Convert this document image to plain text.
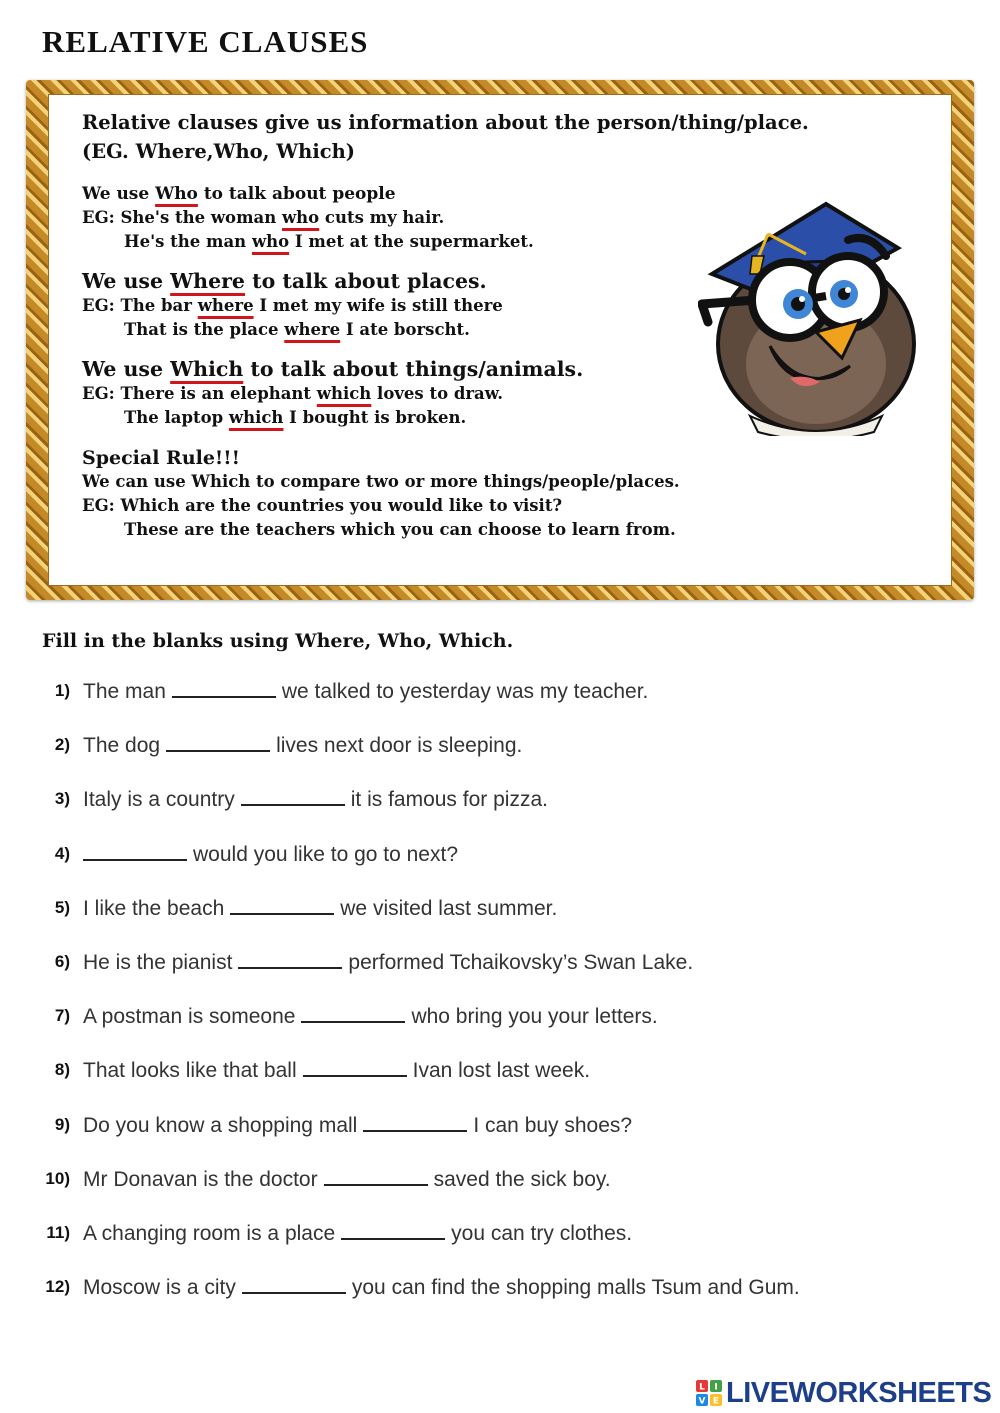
RELATIVE CLAUSES

Relative clauses give us information about the person/thing/place.

(EG. Where,Who, Which)

We use Who to talk about people
EG: She's the woman who cuts my hair.
He's the man who I met at the supermarket.
We use Where to talk about places.
EG: The bar where I met my wife is still there
That is the place where I ate borscht.
We use Which to talk about things/animals.
EG: There is an elephant which loves to draw.
The laptop which I bought is broken.
Special Rule!!!
We can use Which to compare two or more things/people/places.
EG: Which are the countries you would like to visit?
These are the teachers which you can choose to learn from.

Fill in the blanks using Where, Who, Which.

1) The man	we talked to yesterday was my teacher.
2) The dog	lives next door is sleeping.
3) Italy is a country	it is famous for pizza.
4)	would you like to go to next?
5) I like the beach	we visited last summer.
6) He is the pianist	performed Tchaikovsky’s Swan Lake.
7) A postman is someone	who bring you your letters.
8) That looks like that ball	Ivan lost last week.
9) Do you know a shopping mall	I can buy shoes?
10) Mr Donavan is the doctor	saved the sick boy.
11) A changing room is a place	you can try clothes.
12) Moscow is a city	you can find the shopping malls Tsum and Gum.
L I
V E LIVEWORKSHEETS
